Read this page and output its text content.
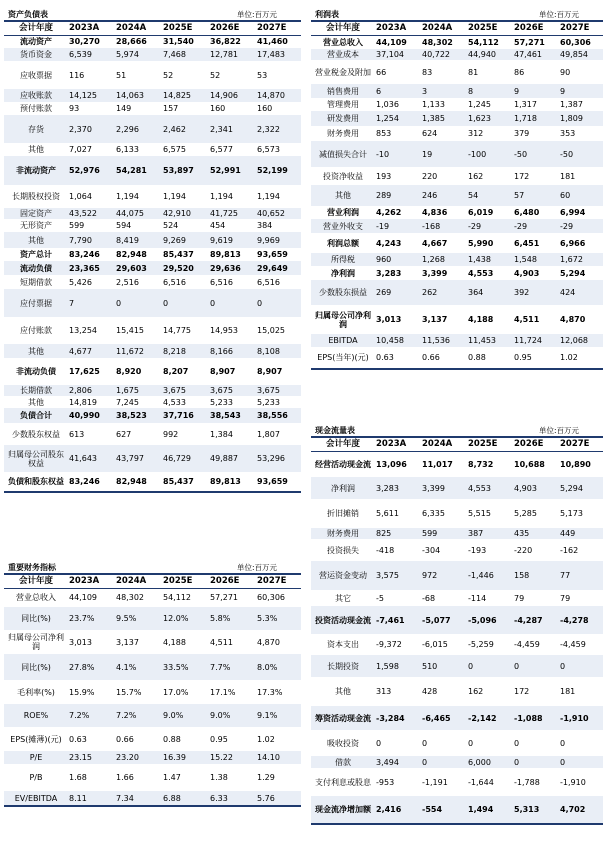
资产负债表	单位:百万元
会计年度	2023A	2024A	2025E	2026E	2027E
流动资产	30,270	28,666	31,540	36,822	41,460
货币资金	6,539	5,974	7,468	12,781	17,483
应收票据	116	51	52	52	53
应收账款	14,125	14,063	14,825	14,906	14,870
预付账款	93	149	157	160	160
存货	2,370	2,296	2,462	2,341	2,322
其他	7,027	6,133	6,575	6,577	6,573
非流动资产	52,976	54,281	53,897	52,991	52,199
长期股权投资	1,064	1,194	1,194	1,194	1,194
固定资产	43,522	44,075	42,910	41,725	40,652
无形资产	599	594	524	454	384
其他	7,790	8,419	9,269	9,619	9,969
资产总计	83,246	82,948	85,437	89,813	93,659
流动负债	23,365	29,603	29,520	29,636	29,649
短期借款	5,426	2,516	6,516	6,516	6,516
应付票据	7	0	0	0	0
应付账款	13,254	15,415	14,775	14,953	15,025
其他	4,677	11,672	8,218	8,166	8,108
非流动负债	17,625	8,920	8,207	8,907	8,907
长期借款	2,806	1,675	3,675	3,675	3,675
其他	14,819	7,245	4,533	5,233	5,233
负债合计	40,990	38,523	37,716	38,543	38,556
少数股东权益	613	627	992	1,384	1,807
归属母公司股东权益	41,643	43,797	46,729	49,887	53,296
负债和股东权益	83,246	82,948	85,437	89,813	93,659
利润表	单位:百万元
会计年度	2023A	2024A	2025E	2026E	2027E
营业总收入	44,109	48,302	54,112	57,271	60,306
营业成本	37,104	40,722	44,940	47,461	49,854
营业税金及附加	66	83	81	86	90
销售费用	6	3	8	9	9
管理费用	1,036	1,133	1,245	1,317	1,387
研发费用	1,254	1,385	1,623	1,718	1,809
财务费用	853	624	312	379	353
减值损失合计	-10	19	-100	-50	-50
投资净收益	193	220	162	172	181
其他	289	246	54	57	60
营业利润	4,262	4,836	6,019	6,480	6,994
营业外收支	-19	-168	-29	-29	-29
利润总额	4,243	4,667	5,990	6,451	6,966
所得税	960	1,268	1,438	1,548	1,672
净利润	3,283	3,399	4,553	4,903	5,294
少数股东损益	269	262	364	392	424
归属母公司净利润	3,013	3,137	4,188	4,511	4,870
EBITDA	10,458	11,536	11,453	11,724	12,068
EPS(当年)(元)	0.63	0.66	0.88	0.95	1.02
重要财务指标	单位:百万元
会计年度	2023A	2024A	2025E	2026E	2027E
营业总收入	44,109	48,302	54,112	57,271	60,306
同比(%)	23.7%	9.5%	12.0%	5.8%	5.3%
归属母公司净利润	3,013	3,137	4,188	4,511	4,870
同比(%)	27.8%	4.1%	33.5%	7.7%	8.0%
毛利率(%)	15.9%	15.7%	17.0%	17.1%	17.3%
ROE%	7.2%	7.2%	9.0%	9.0%	9.1%
EPS(摊薄)(元)	0.63	0.66	0.88	0.95	1.02
P/E	23.15	23.20	16.39	15.22	14.10
P/B	1.68	1.66	1.47	1.38	1.29
EV/EBITDA	8.11	7.34	6.88	6.33	5.76
现金流量表	单位:百万元
会计年度	2023A	2024A	2025E	2026E	2027E
经营活动现金流	13,096	11,017	8,732	10,688	10,890
净利润	3,283	3,399	4,553	4,903	5,294
折旧摊销	5,611	6,335	5,515	5,285	5,173
财务费用	825	599	387	435	449
投资损失	-418	-304	-193	-220	-162
营运资金变动	3,575	972	-1,446	158	77
其它	-5	-68	-114	79	79
投资活动现金流	-7,461	-5,077	-5,096	-4,287	-4,278
资本支出	-9,372	-6,015	-5,259	-4,459	-4,459
长期投资	1,598	510	0	0	0
其他	313	428	162	172	181
筹资活动现金流	-3,284	-6,465	-2,142	-1,088	-1,910
吸收投资	0	0	0	0	0
借款	3,494	0	6,000	0	0
支付利息或股息	-953	-1,191	-1,644	-1,788	-1,910
现金流净增加额	2,416	-554	1,494	5,313	4,702
